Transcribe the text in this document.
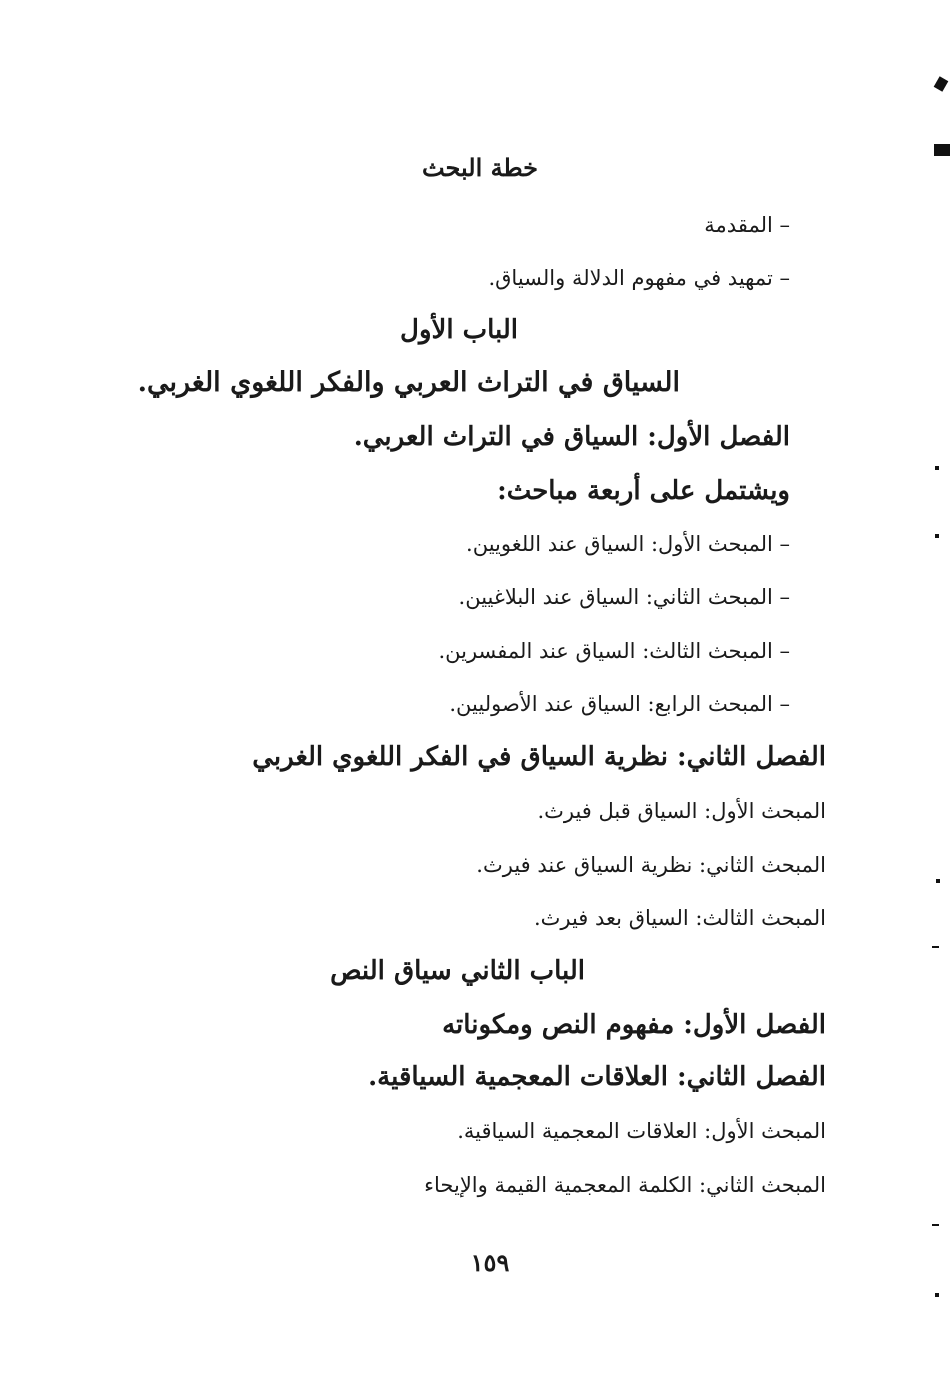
خطة البحث
– المقدمة
– تمهيد في مفهوم الدلالة والسياق.
الباب الأول
السياق في التراث العربي والفكر اللغوي الغربي.
الفصل الأول: السياق في التراث العربي.
ويشتمل على أربعة مباحث:
– المبحث الأول: السياق عند اللغويين.
– المبحث الثاني: السياق عند البلاغيين.
– المبحث الثالث: السياق عند المفسرين.
– المبحث الرابع: السياق عند الأصوليين.
الفصل الثاني: نظرية السياق في الفكر اللغوي الغربي
المبحث الأول: السياق قبل فيرث.
المبحث الثاني: نظرية السياق عند فيرث.
المبحث الثالث: السياق بعد فيرث.
الباب الثاني سياق النص
الفصل الأول: مفهوم النص ومكوناته
الفصل الثاني: العلاقات المعجمية السياقية.
المبحث الأول: العلاقات المعجمية السياقية.
المبحث الثاني: الكلمة المعجمية القيمة والإيحاء
١٥٩
